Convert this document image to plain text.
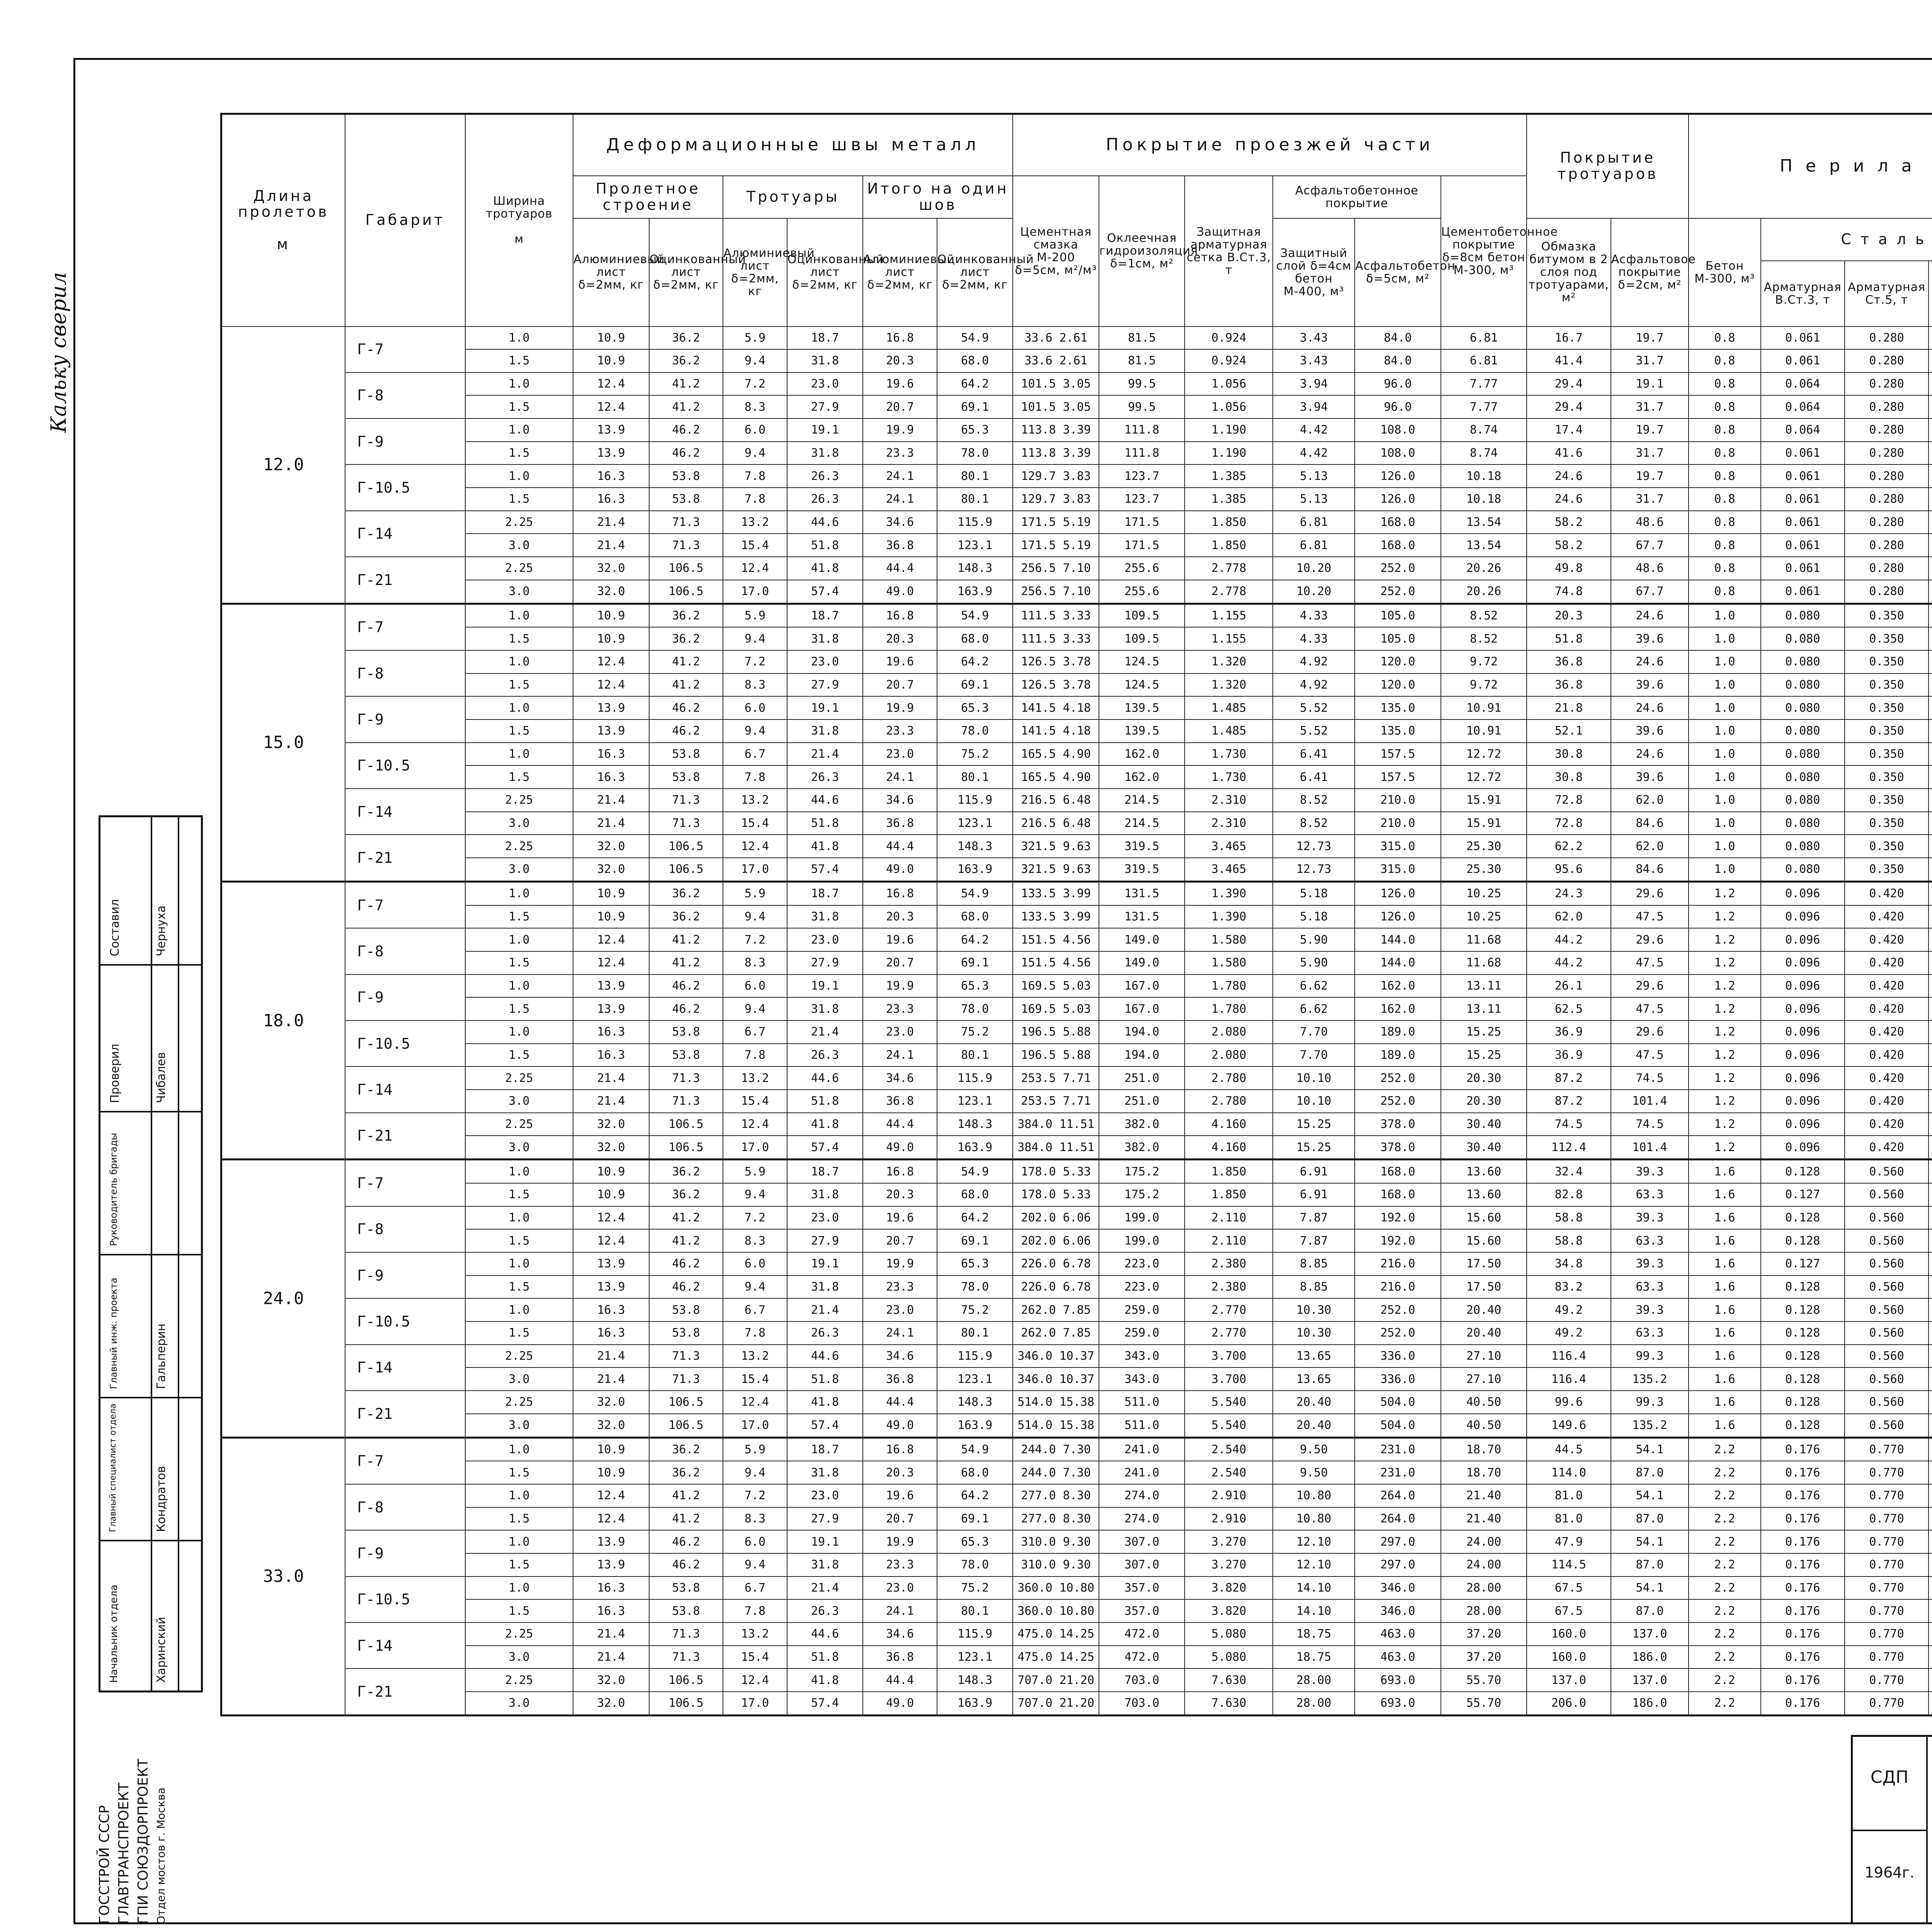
Кальку сверил
ГОССТРОЙ СССР ГЛАВТРАНСПРОЕКТ ГПИ СОЮЗДОРПРОЕКТ Отдел мостов г. Москва
Составил	Чернуха
Проверил	Чибалев
Руководитель бригады
Главный инж. проекта	Гальперин
Главный специалист отдела	Кондратов
Начальник отдела	Харинский
Длина пролетов

м	Габарит	Ширина тротуаров

м	Деформационные швы металл						Покрытие проезжей части						Покрытие тротуаров		П е р и л а	
			Пролетное строение		Тротуары		Итого на один шов		Цементная смазка М-200 δ=5см, м²/м³	Оклеечная гидроизоляция δ=1см, м²	Защитная арматурная сетка В.Ст.3, т	Асфальтобетонное покрытие		Цементобетонное покрытие δ=8см бетон М-300, м³		
			Алюминиевый лист δ=2мм, кг	Оцинкованный лист δ=2мм, кг	Алюминиевый лист δ=2мм, кг	Оцинкованный лист δ=2мм, кг	Алюминиевый лист δ=2мм, кг	Оцинкованный лист δ=2мм, кг				Защитный слой δ=4см бетон М-400, м³	Асфальтобетон δ=5см, м²		Обмазка битумом в 2 слоя под тротуарами, м²	Асфальтовое покрытие δ=2см, м²	Бетон М-300, м³	С т а л ь				
																		Арматурная В.Ст.3, т	Арматурная Ст.5, т		

12.0	Г-7	1.0	10.9	36.2	5.9	18.7	16.8	54.9	33.6 2.61	81.5	0.924	3.43	84.0	6.81	16.7	19.7	0.8	0.061	0.280									
		1.5	10.9	36.2	9.4	31.8	20.3	68.0	33.6 2.61	81.5	0.924	3.43	84.0	6.81	41.4	31.7	0.8	0.061	0.280									
	Г-8	1.0	12.4	41.2	7.2	23.0	19.6	64.2	101.5 3.05	99.5	1.056	3.94	96.0	7.77	29.4	19.1	0.8	0.064	0.280									
		1.5	12.4	41.2	8.3	27.9	20.7	69.1	101.5 3.05	99.5	1.056	3.94	96.0	7.77	29.4	31.7	0.8	0.064	0.280									
	Г-9	1.0	13.9	46.2	6.0	19.1	19.9	65.3	113.8 3.39	111.8	1.190	4.42	108.0	8.74	17.4	19.7	0.8	0.064	0.280									
		1.5	13.9	46.2	9.4	31.8	23.3	78.0	113.8 3.39	111.8	1.190	4.42	108.0	8.74	41.6	31.7	0.8	0.061	0.280									
	Г-10.5	1.0	16.3	53.8	7.8	26.3	24.1	80.1	129.7 3.83	123.7	1.385	5.13	126.0	10.18	24.6	19.7	0.8	0.061	0.280									
		1.5	16.3	53.8	7.8	26.3	24.1	80.1	129.7 3.83	123.7	1.385	5.13	126.0	10.18	24.6	31.7	0.8	0.061	0.280									
	Г-14	2.25	21.4	71.3	13.2	44.6	34.6	115.9	171.5 5.19	171.5	1.850	6.81	168.0	13.54	58.2	48.6	0.8	0.061	0.280									
		3.0	21.4	71.3	15.4	51.8	36.8	123.1	171.5 5.19	171.5	1.850	6.81	168.0	13.54	58.2	67.7	0.8	0.061	0.280									
	Г-21	2.25	32.0	106.5	12.4	41.8	44.4	148.3	256.5 7.10	255.6	2.778	10.20	252.0	20.26	49.8	48.6	0.8	0.061	0.280									
		3.0	32.0	106.5	17.0	57.4	49.0	163.9	256.5 7.10	255.6	2.778	10.20	252.0	20.26	74.8	67.7	0.8	0.061	0.280									
15.0	Г-7	1.0	10.9	36.2	5.9	18.7	16.8	54.9	111.5 3.33	109.5	1.155	4.33	105.0	8.52	20.3	24.6	1.0	0.080	0.350									
		1.5	10.9	36.2	9.4	31.8	20.3	68.0	111.5 3.33	109.5	1.155	4.33	105.0	8.52	51.8	39.6	1.0	0.080	0.350									
	Г-8	1.0	12.4	41.2	7.2	23.0	19.6	64.2	126.5 3.78	124.5	1.320	4.92	120.0	9.72	36.8	24.6	1.0	0.080	0.350									
		1.5	12.4	41.2	8.3	27.9	20.7	69.1	126.5 3.78	124.5	1.320	4.92	120.0	9.72	36.8	39.6	1.0	0.080	0.350									
	Г-9	1.0	13.9	46.2	6.0	19.1	19.9	65.3	141.5 4.18	139.5	1.485	5.52	135.0	10.91	21.8	24.6	1.0	0.080	0.350									
		1.5	13.9	46.2	9.4	31.8	23.3	78.0	141.5 4.18	139.5	1.485	5.52	135.0	10.91	52.1	39.6	1.0	0.080	0.350									
	Г-10.5	1.0	16.3	53.8	6.7	21.4	23.0	75.2	165.5 4.90	162.0	1.730	6.41	157.5	12.72	30.8	24.6	1.0	0.080	0.350									
		1.5	16.3	53.8	7.8	26.3	24.1	80.1	165.5 4.90	162.0	1.730	6.41	157.5	12.72	30.8	39.6	1.0	0.080	0.350									
	Г-14	2.25	21.4	71.3	13.2	44.6	34.6	115.9	216.5 6.48	214.5	2.310	8.52	210.0	15.91	72.8	62.0	1.0	0.080	0.350									
		3.0	21.4	71.3	15.4	51.8	36.8	123.1	216.5 6.48	214.5	2.310	8.52	210.0	15.91	72.8	84.6	1.0	0.080	0.350									
	Г-21	2.25	32.0	106.5	12.4	41.8	44.4	148.3	321.5 9.63	319.5	3.465	12.73	315.0	25.30	62.2	62.0	1.0	0.080	0.350									
		3.0	32.0	106.5	17.0	57.4	49.0	163.9	321.5 9.63	319.5	3.465	12.73	315.0	25.30	95.6	84.6	1.0	0.080	0.350									
18.0	Г-7	1.0	10.9	36.2	5.9	18.7	16.8	54.9	133.5 3.99	131.5	1.390	5.18	126.0	10.25	24.3	29.6	1.2	0.096	0.420									
		1.5	10.9	36.2	9.4	31.8	20.3	68.0	133.5 3.99	131.5	1.390	5.18	126.0	10.25	62.0	47.5	1.2	0.096	0.420									
	Г-8	1.0	12.4	41.2	7.2	23.0	19.6	64.2	151.5 4.56	149.0	1.580	5.90	144.0	11.68	44.2	29.6	1.2	0.096	0.420									
		1.5	12.4	41.2	8.3	27.9	20.7	69.1	151.5 4.56	149.0	1.580	5.90	144.0	11.68	44.2	47.5	1.2	0.096	0.420									
	Г-9	1.0	13.9	46.2	6.0	19.1	19.9	65.3	169.5 5.03	167.0	1.780	6.62	162.0	13.11	26.1	29.6	1.2	0.096	0.420									
		1.5	13.9	46.2	9.4	31.8	23.3	78.0	169.5 5.03	167.0	1.780	6.62	162.0	13.11	62.5	47.5	1.2	0.096	0.420									
	Г-10.5	1.0	16.3	53.8	6.7	21.4	23.0	75.2	196.5 5.88	194.0	2.080	7.70	189.0	15.25	36.9	29.6	1.2	0.096	0.420									
		1.5	16.3	53.8	7.8	26.3	24.1	80.1	196.5 5.88	194.0	2.080	7.70	189.0	15.25	36.9	47.5	1.2	0.096	0.420									
	Г-14	2.25	21.4	71.3	13.2	44.6	34.6	115.9	253.5 7.71	251.0	2.780	10.10	252.0	20.30	87.2	74.5	1.2	0.096	0.420									
		3.0	21.4	71.3	15.4	51.8	36.8	123.1	253.5 7.71	251.0	2.780	10.10	252.0	20.30	87.2	101.4	1.2	0.096	0.420									
	Г-21	2.25	32.0	106.5	12.4	41.8	44.4	148.3	384.0 11.51	382.0	4.160	15.25	378.0	30.40	74.5	74.5	1.2	0.096	0.420									
		3.0	32.0	106.5	17.0	57.4	49.0	163.9	384.0 11.51	382.0	4.160	15.25	378.0	30.40	112.4	101.4	1.2	0.096	0.420									
24.0	Г-7	1.0	10.9	36.2	5.9	18.7	16.8	54.9	178.0 5.33	175.2	1.850	6.91	168.0	13.60	32.4	39.3	1.6	0.128	0.560									
		1.5	10.9	36.2	9.4	31.8	20.3	68.0	178.0 5.33	175.2	1.850	6.91	168.0	13.60	82.8	63.3	1.6	0.127	0.560									
	Г-8	1.0	12.4	41.2	7.2	23.0	19.6	64.2	202.0 6.06	199.0	2.110	7.87	192.0	15.60	58.8	39.3	1.6	0.128	0.560									
		1.5	12.4	41.2	8.3	27.9	20.7	69.1	202.0 6.06	199.0	2.110	7.87	192.0	15.60	58.8	63.3	1.6	0.128	0.560									
	Г-9	1.0	13.9	46.2	6.0	19.1	19.9	65.3	226.0 6.78	223.0	2.380	8.85	216.0	17.50	34.8	39.3	1.6	0.127	0.560									
		1.5	13.9	46.2	9.4	31.8	23.3	78.0	226.0 6.78	223.0	2.380	8.85	216.0	17.50	83.2	63.3	1.6	0.128	0.560									
	Г-10.5	1.0	16.3	53.8	6.7	21.4	23.0	75.2	262.0 7.85	259.0	2.770	10.30	252.0	20.40	49.2	39.3	1.6	0.128	0.560									
		1.5	16.3	53.8	7.8	26.3	24.1	80.1	262.0 7.85	259.0	2.770	10.30	252.0	20.40	49.2	63.3	1.6	0.128	0.560									
	Г-14	2.25	21.4	71.3	13.2	44.6	34.6	115.9	346.0 10.37	343.0	3.700	13.65	336.0	27.10	116.4	99.3	1.6	0.128	0.560									
		3.0	21.4	71.3	15.4	51.8	36.8	123.1	346.0 10.37	343.0	3.700	13.65	336.0	27.10	116.4	135.2	1.6	0.128	0.560									
	Г-21	2.25	32.0	106.5	12.4	41.8	44.4	148.3	514.0 15.38	511.0	5.540	20.40	504.0	40.50	99.6	99.3	1.6	0.128	0.560									
		3.0	32.0	106.5	17.0	57.4	49.0	163.9	514.0 15.38	511.0	5.540	20.40	504.0	40.50	149.6	135.2	1.6	0.128	0.560									
33.0	Г-7	1.0	10.9	36.2	5.9	18.7	16.8	54.9	244.0 7.30	241.0	2.540	9.50	231.0	18.70	44.5	54.1	2.2	0.176	0.770									
		1.5	10.9	36.2	9.4	31.8	20.3	68.0	244.0 7.30	241.0	2.540	9.50	231.0	18.70	114.0	87.0	2.2	0.176	0.770									
	Г-8	1.0	12.4	41.2	7.2	23.0	19.6	64.2	277.0 8.30	274.0	2.910	10.80	264.0	21.40	81.0	54.1	2.2	0.176	0.770									
		1.5	12.4	41.2	8.3	27.9	20.7	69.1	277.0 8.30	274.0	2.910	10.80	264.0	21.40	81.0	87.0	2.2	0.176	0.770									
	Г-9	1.0	13.9	46.2	6.0	19.1	19.9	65.3	310.0 9.30	307.0	3.270	12.10	297.0	24.00	47.9	54.1	2.2	0.176	0.770									
		1.5	13.9	46.2	9.4	31.8	23.3	78.0	310.0 9.30	307.0	3.270	12.10	297.0	24.00	114.5	87.0	2.2	0.176	0.770									
	Г-10.5	1.0	16.3	53.8	6.7	21.4	23.0	75.2	360.0 10.80	357.0	3.820	14.10	346.0	28.00	67.5	54.1	2.2	0.176	0.770									
		1.5	16.3	53.8	7.8	26.3	24.1	80.1	360.0 10.80	357.0	3.820	14.10	346.0	28.00	67.5	87.0	2.2	0.176	0.770									
	Г-14	2.25	21.4	71.3	13.2	44.6	34.6	115.9	475.0 14.25	472.0	5.080	18.75	463.0	37.20	160.0	137.0	2.2	0.176	0.770									
		3.0	21.4	71.3	15.4	51.8	36.8	123.1	475.0 14.25	472.0	5.080	18.75	463.0	37.20	160.0	186.0	2.2	0.176	0.770									
	Г-21	2.25	32.0	106.5	12.4	41.8	44.4	148.3	707.0 21.20	703.0	7.630	28.00	693.0	55.70	137.0	137.0	2.2	0.176	0.770									
		3.0	32.0	106.5	17.0	57.4	49.0	163.9	707.0 21.20	703.0	7.630	28.00	693.0	55.70	206.0	186.0	2.2	0.176	0.770									
СДП
1964г.
